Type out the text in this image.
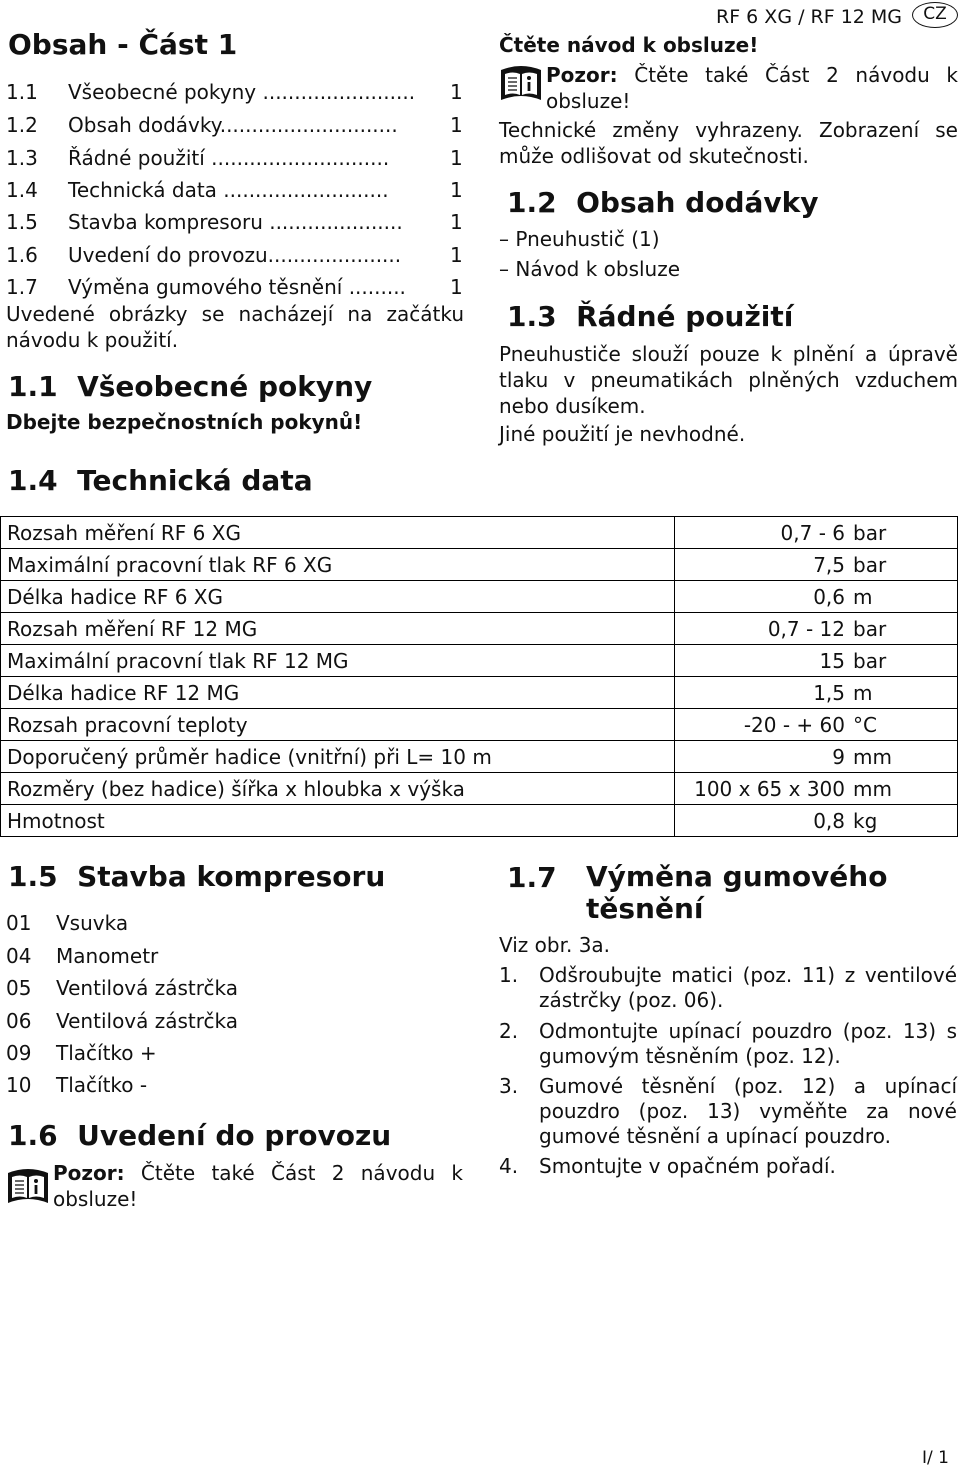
RF 6 XG / RF 12 MG	CZ
Obsah - Část 1
1.1 Všeobecné pokyny ........................ 1
1.2 Obsah dodávky............................	1
1.3 Řádné použití ............................	1
1.4 Technická data ..........................	1
1.5 Stavba kompresoru ..................... 1
1.6 Uvedení do provozu..................... 1
1.7 Výměna gumového těsnění ......... 1
Uvedené obrázky se nacházejí na začátku návodu k použití.
1.1  Všeobecné pokyny
Dbejte bezpečnostních pokynů!
Čtěte návod k obsluze!
Pozor: Čtěte také Část 2 návodu k obsluze!
Technické změny vyhrazeny. Zobrazení se může odlišovat od skutečnosti.
1.2  Obsah dodávky
– Pneuhustič (1)
– Návod k obsluze
1.3  Řádné použití
Pneuhustiče slouží pouze k plnění a úpravě tlaku v pneumatikách plněných vzduchem nebo dusíkem.
Jiné použití je nevhodné.
1.4  Technická data
Rozsah měření RF 6 XG	0,7 - 6	bar
Maximální pracovní tlak RF 6 XG	7,5	bar
Délka hadice RF 6 XG	0,6	m
Rozsah měření RF 12 MG	0,7 - 12	bar
Maximální pracovní tlak RF 12 MG	15	bar
Délka hadice RF 12 MG	1,5	m
Rozsah pracovní teploty	-20 - + 60	°C
Doporučený průměr hadice (vnitřní) při L= 10 m	9	mm
Rozměry (bez hadice) šířka x hloubka x výška	100 x 65 x 300	mm
Hmotnost	0,8	kg
1.5  Stavba kompresoru
01 Vsuvka
04 Manometr
05 Ventilová zástrčka
06 Ventilová zástrčka
09 Tlačítko +
10 Tlačítko -
1.6  Uvedení do provozu
Pozor: Čtěte také Část 2 návodu k obsluze!
1.7 Výměna gumového
těsnění
Viz obr. 3a.
1. Odšroubujte matici (poz. 11) z ventilové zástrčky (poz. 06).
2. Odmontujte upínací pouzdro (poz. 13) s gumovým těsněním (poz. 12).
3. Gumové těsnění (poz. 12) a upínací pouzdro (poz. 13) vyměňte za nové gumové těsnění a upínací pouzdro.
4. Smontujte v opačném pořadí.
I/ 1
